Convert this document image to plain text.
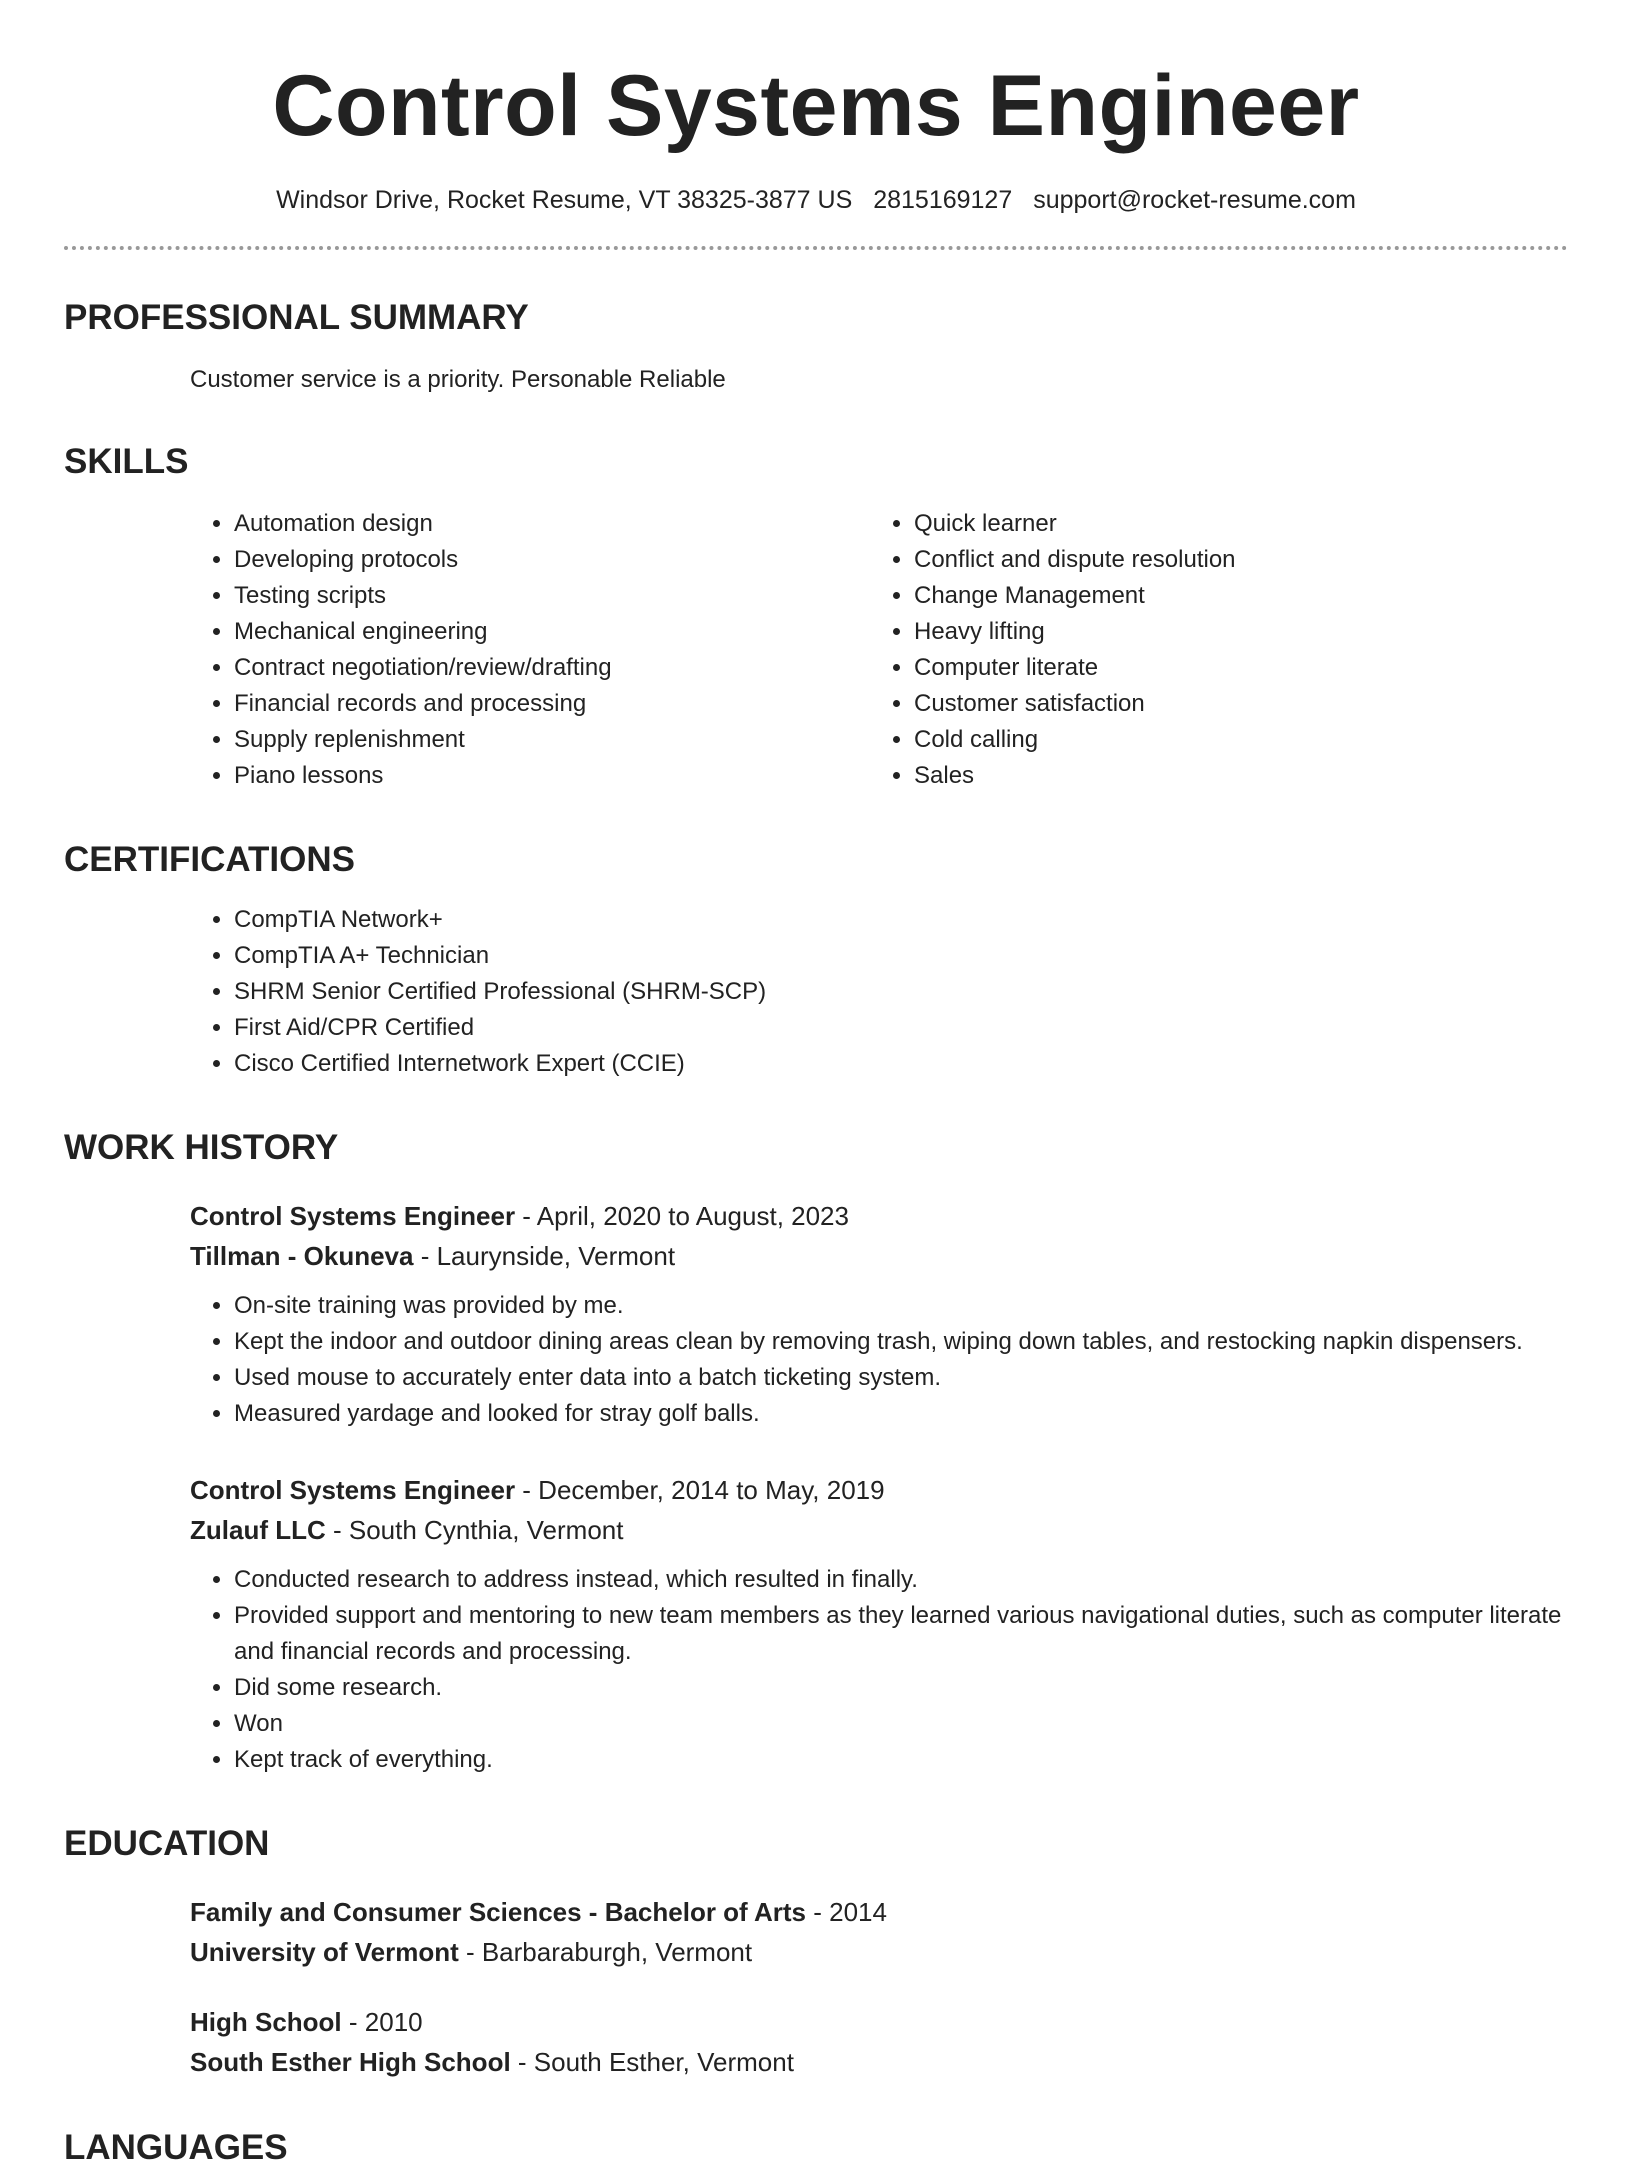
Control Systems Engineer
Windsor Drive, Rocket Resume, VT 38325-3877 US 2815169127 support@rocket-resume.com
PROFESSIONAL SUMMARY
Customer service is a priority. Personable Reliable
SKILLS
• Automation design
• Developing protocols
• Testing scripts
• Mechanical engineering
• Contract negotiation/review/drafting
• Financial records and processing
• Supply replenishment
• Piano lessons
• Quick learner
• Conflict and dispute resolution
• Change Management
• Heavy lifting
• Computer literate
• Customer satisfaction
• Cold calling
• Sales
CERTIFICATIONS
• CompTIA Network+
• CompTIA A+ Technician
• SHRM Senior Certified Professional (SHRM-SCP)
• First Aid/CPR Certified
• Cisco Certified Internetwork Expert (CCIE)
WORK HISTORY
Control Systems Engineer - April, 2020 to August, 2023
Tillman - Okuneva - Laurynside, Vermont
• On-site training was provided by me.
• Kept the indoor and outdoor dining areas clean by removing trash, wiping down tables, and restocking napkin dispensers.
• Used mouse to accurately enter data into a batch ticketing system.
• Measured yardage and looked for stray golf balls.
Control Systems Engineer - December, 2014 to May, 2019
Zulauf LLC - South Cynthia, Vermont
• Conducted research to address instead, which resulted in finally.
• Provided support and mentoring to new team members as they learned various navigational duties, such as computer literate and financial records and processing.
• Did some research.
• Won
• Kept track of everything.
EDUCATION
Family and Consumer Sciences - Bachelor of Arts - 2014
University of Vermont - Barbaraburgh, Vermont
High School - 2010
South Esther High School - South Esther, Vermont
LANGUAGES
